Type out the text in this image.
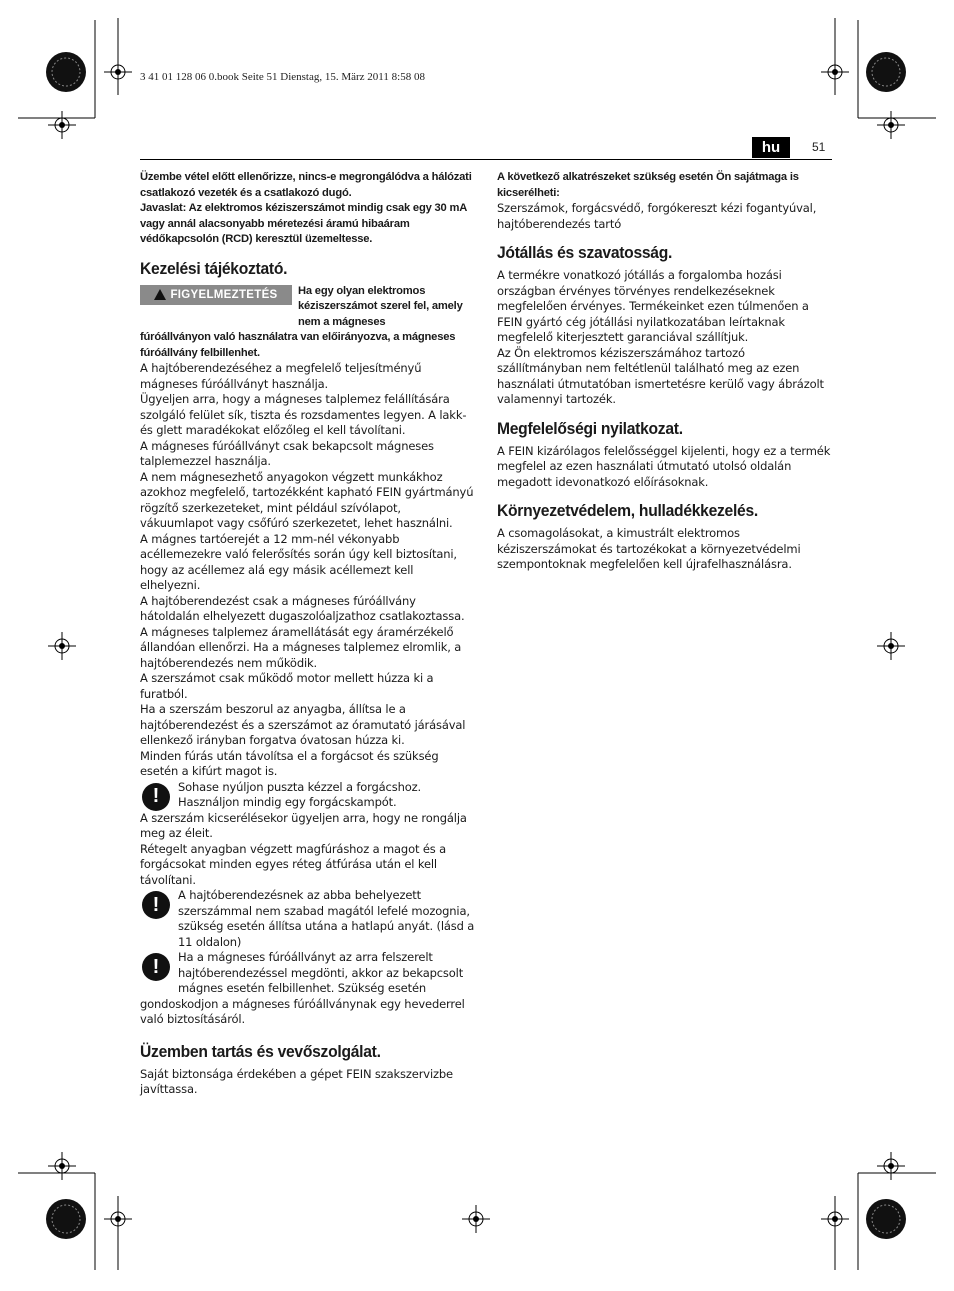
3 41 01 128 06 0.book Seite 51 Dienstag, 15. März 2011 8:58 08
hu	51

Üzembe vétel előtt ellenőrizze, nincs-e megrongálódva a hálózati csatlakozó vezeték és a csatlakozó dugó.

Javaslat: Az elektromos kéziszerszámot mindig csak egy 30 mA vagy annál alacsonyabb méretezési áramú hibaáram védőkapcsolón (RCD) keresztül üzemeltesse.

Kezelési tájékoztató.
FIGYELMEZTETÉS Ha egy olyan elektromos kéziszerszámot szerel fel, amely nem a mágneses

fúróállványon való használatra van előirányozva, a mágneses fúróállvány felbillenhet.

A hajtóberendezéséhez a megfelelő teljesítményű mágneses fúróállványt használja.

Ügyeljen arra, hogy a mágneses talplemez felállítására szolgáló felület sík, tiszta és rozsdamentes legyen. A lakk- és glett maradékokat előzőleg el kell távolítani.

A mágneses fúróállványt csak bekapcsolt mágneses talplemezzel használja.

A nem mágnesezhető anyagokon végzett munkákhoz azokhoz megfelelő, tartozékként kapható FEIN gyártmányú rögzítő szerkezeteket, mint például szívólapot, vákuumlapot vagy csőfúró szerkezetet, lehet használni.

A mágnes tartóerejét a 12 mm-nél vékonyabb acéllemezekre való felerősítés során úgy kell biztosítani, hogy az acéllemez alá egy másik acéllemezt kell elhelyezni.

A hajtóberendezést csak a mágneses fúróállvány hátoldalán elhelyezett dugaszolóaljzathoz csatlakoztassa.

A mágneses talplemez áramellátását egy áramérzékelő állandóan ellenőrzi. Ha a mágneses talplemez elromlik, a hajtóberendezés nem működik.

A szerszámot csak működő motor mellett húzza ki a furatból.

Ha a szerszám beszorul az anyagba, állítsa le a hajtóberendezést és a szerszámot az óramutató járásával ellenkező irányban forgatva óvatosan húzza ki.

Minden fúrás után távolítsa el a forgácsot és szükség esetén a kifúrt magot is.

!	Sohase nyúljon puszta kézzel a forgácshoz. Használjon mindig egy forgácskampót.

A szerszám kicserélésekor ügyeljen arra, hogy ne rongálja meg az éleit.

Rétegelt anyagban végzett magfúráshoz a magot és a forgácsokat minden egyes réteg átfúrása után el kell távolítani.

!	A hajtóberendezésnek az abba behelyezett szerszámmal nem szabad magától lefelé mozognia, szükség esetén állítsa utána a hatlapú anyát. (lásd a 11 oldalon)

!	Ha a mágneses fúróállványt az arra felszerelt hajtóberendezéssel megdönti, akkor az bekapcsolt mágnes esetén felbillenhet. Szükség esetén

gondoskodjon a mágneses fúróállványnak egy hevederrel való biztosításáról.

Üzemben tartás és vevőszolgálat.

Saját biztonsága érdekében a gépet FEIN szakszervizbe javíttassa.

A következő alkatrészeket szükség esetén Ön sajátmaga is kicserélheti:

Szerszámok, forgácsvédő, forgókereszt kézi fogantyúval, hajtóberendezés tartó

Jótállás és szavatosság.

A termékre vonatkozó jótállás a forgalomba hozási országban érvényes törvényes rendelkezéseknek megfelelően érvényes. Termékeinket ezen túlmenően a FEIN gyártó cég jótállási nyilatkozatában leírtaknak megfelelő kiterjesztett garanciával szállítjuk.

Az Ön elektromos kéziszerszámához tartozó szállítmányban nem feltétlenül található meg az ezen használati útmutatóban ismertetésre kerülő vagy ábrázolt valamennyi tartozék.

Megfelelőségi nyilatkozat.

A FEIN kizárólagos felelősséggel kijelenti, hogy ez a termék megfelel az ezen használati útmutató utolsó oldalán megadott idevonatkozó előírásoknak.

Környezetvédelem, hulladékkezelés.

A csomagolásokat, a kimustrált elektromos kéziszerszámokat és tartozékokat a környezetvédelmi szempontoknak megfelelően kell újrafelhasználásra.
